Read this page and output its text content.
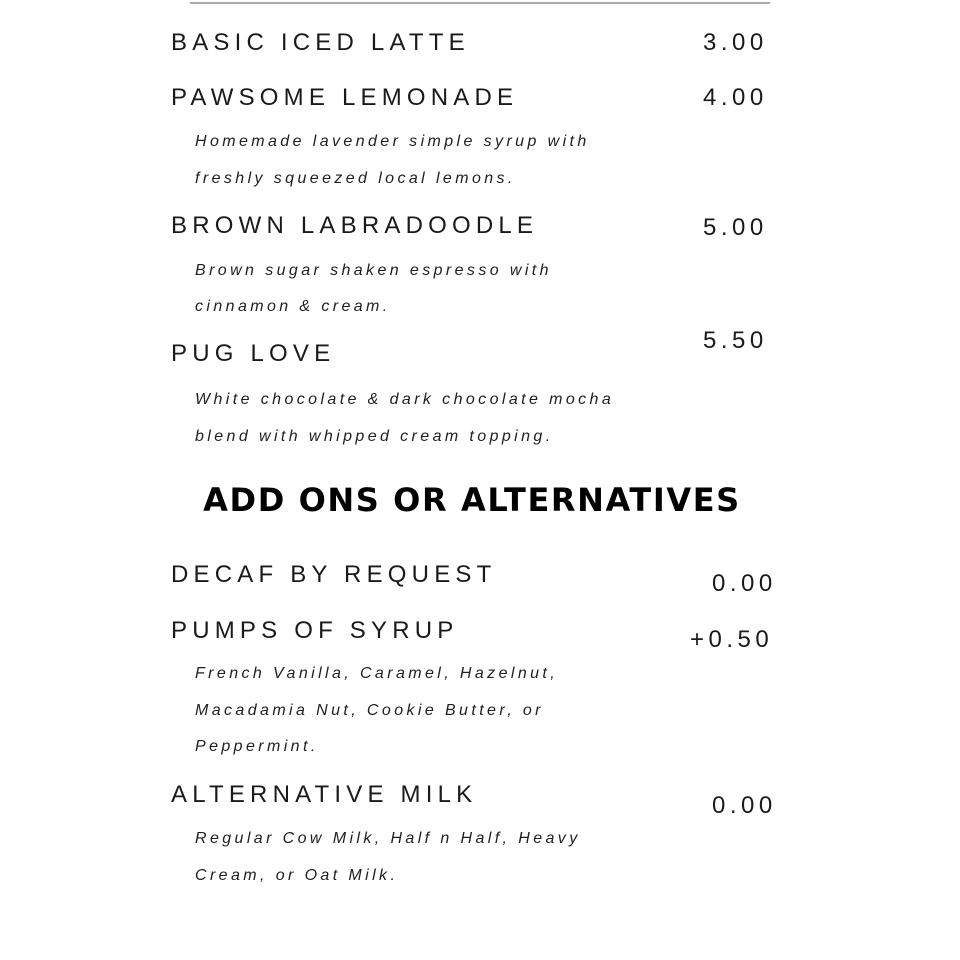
BASIC ICED LATTE	3.00
PAWSOME LEMONADE	4.00
Homemade lavender simple syrup with
freshly squeezed local lemons.
BROWN LABRADOODLE	5.00
Brown sugar shaken espresso with
cinnamon & cream.
PUG LOVE	5.50
White chocolate & dark chocolate mocha
blend with whipped cream topping.
ADD ONS OR ALTERNATIVES
DECAF BY REQUEST	0.00
PUMPS OF SYRUP	+0.50
French Vanilla, Caramel, Hazelnut,
Macadamia Nut, Cookie Butter, or
Peppermint.
ALTERNATIVE MILK	0.00
Regular Cow Milk, Half n Half, Heavy
Cream, or Oat Milk.
